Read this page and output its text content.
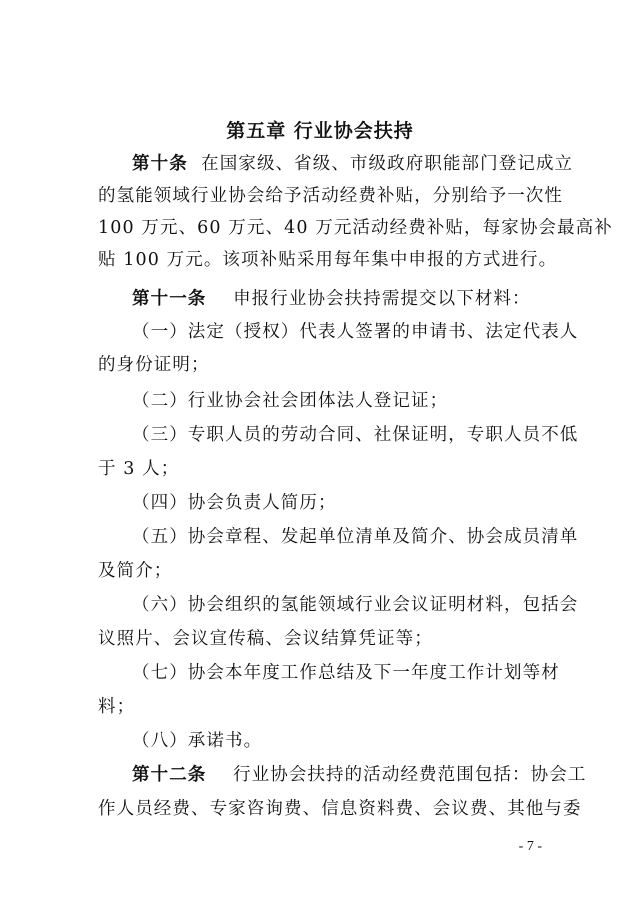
第五章 行业协会扶持
第十条 在国家级、省级、市级政府职能部门登记成立
的氢能领域行业协会给予活动经费补贴，分别给予一次性
100 万元、60 万元、40 万元活动经费补贴，每家协会最高补
贴 100 万元。该项补贴采用每年集中申报的方式进行。
第十一条 申报行业协会扶持需提交以下材料：
（一）法定（授权）代表人签署的申请书、法定代表人
的身份证明；
（二）行业协会社会团体法人登记证；
（三）专职人员的劳动合同、社保证明，专职人员不低
于 3 人；
（四）协会负责人简历；
（五）协会章程、发起单位清单及简介、协会成员清单
及简介；
（六）协会组织的氢能领域行业会议证明材料，包括会
议照片、会议宣传稿、会议结算凭证等；
（七）协会本年度工作总结及下一年度工作计划等材
料；
（八）承诺书。
第十二条 行业协会扶持的活动经费范围包括：协会工
作人员经费、专家咨询费、信息资料费、会议费、其他与委
- 7 -
